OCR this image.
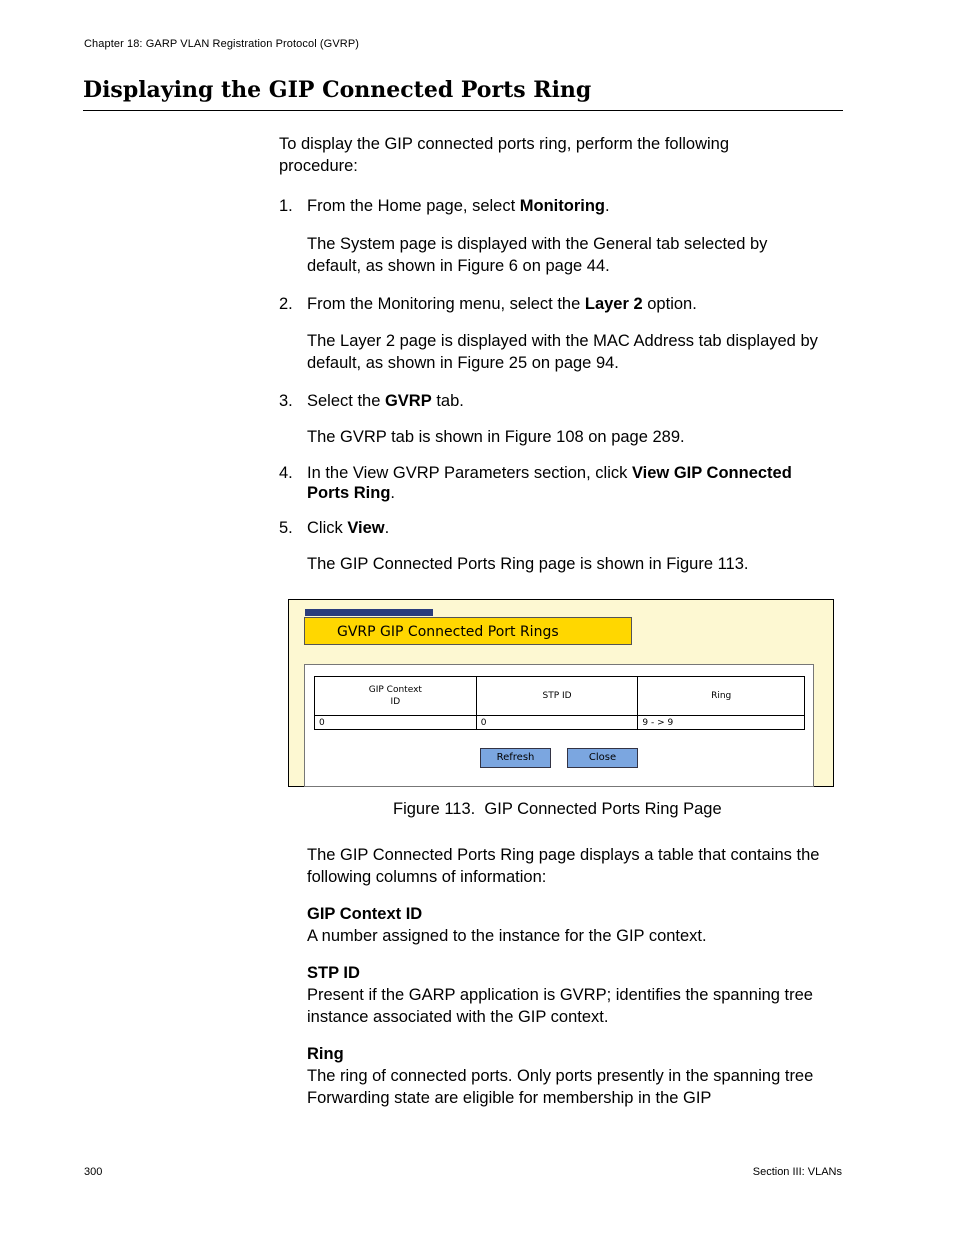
Chapter 18: GARP VLAN Registration Protocol (GVRP)
Displaying the GIP Connected Ports Ring
To display the GIP connected ports ring, perform the following procedure:
1. From the Home page, select Monitoring.

The System page is displayed with the General tab selected by default, as shown in Figure 6 on page 44.

2. From the Monitoring menu, select the Layer 2 option.

The Layer 2 page is displayed with the MAC Address tab displayed by default, as shown in Figure 25 on page 94.

3. Select the GVRP tab.

The GVRP tab is shown in Figure 108 on page 289.

4. In the View GVRP Parameters section, click View GIP Connected Ports Ring.

5. Click View.

The GIP Connected Ports Ring page is shown in Figure 113.

GVRP GIP Connected Port Rings
GIP Context
ID	STP ID	Ring
0	0	9 - > 9
Refresh	Close
Figure 113.  GIP Connected Ports Ring Page

The GIP Connected Ports Ring page displays a table that contains the following columns of information:

GIP Context ID
A number assigned to the instance for the GIP context.
STP ID
Present if the GARP application is GVRP; identifies the spanning tree instance associated with the GIP context.
Ring
The ring of connected ports. Only ports presently in the spanning tree Forwarding state are eligible for membership in the GIP
300	Section III: VLANs
